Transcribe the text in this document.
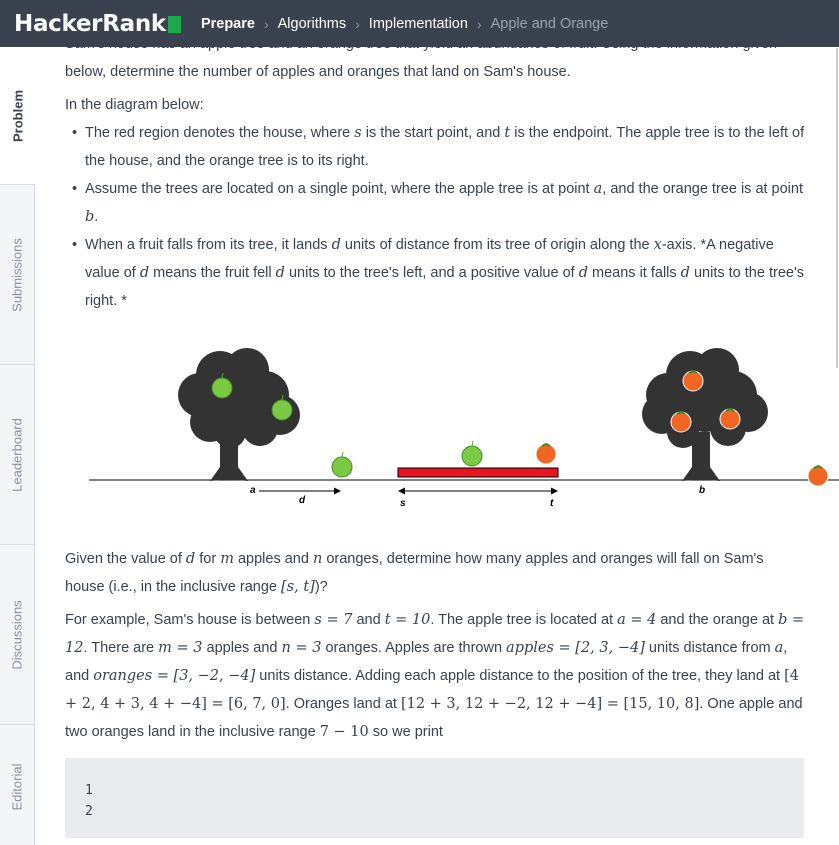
HackerRank Prepare › Algorithms › Implementation › Apple and Orange
Problem
Submissions
Leaderboard
Discussions
Editorial

below, determine the number of apples and oranges that land on Sam's house.

In the diagram below:

• The red region denotes the house, where s is the start point, and t is the endpoint. The apple tree is to the left of the house, and the orange tree is to its right.
• Assume the trees are located on a single point, where the apple tree is at point a, and the orange tree is at point b.
• When a fruit falls from its tree, it lands d units of distance from its tree of origin along the x-axis. *A negative value of d means the fruit fell d units to the tree's left, and a positive value of d means it falls d units to the tree's right. *
a
d	s	t
b

Given the value of d for m apples and n oranges, determine how many apples and oranges will fall on Sam's house (i.e., in the inclusive range [s, t])?

For example, Sam's house is between s = 7 and t = 10. The apple tree is located at a = 4 and the orange at b = 12. There are m = 3 apples and n = 3 oranges. Apples are thrown apples = [2, 3, −4] units distance from a, and oranges = [3, −2, −4] units distance. Adding each apple distance to the position of the tree, they land at [4 + 2, 4 + 3, 4 + −4] = [6, 7, 0]. Oranges land at [12 + 3, 12 + −2, 12 + −4] = [15, 10, 8]. One apple and two oranges land in the inclusive range 7 − 10 so we print

1
2
